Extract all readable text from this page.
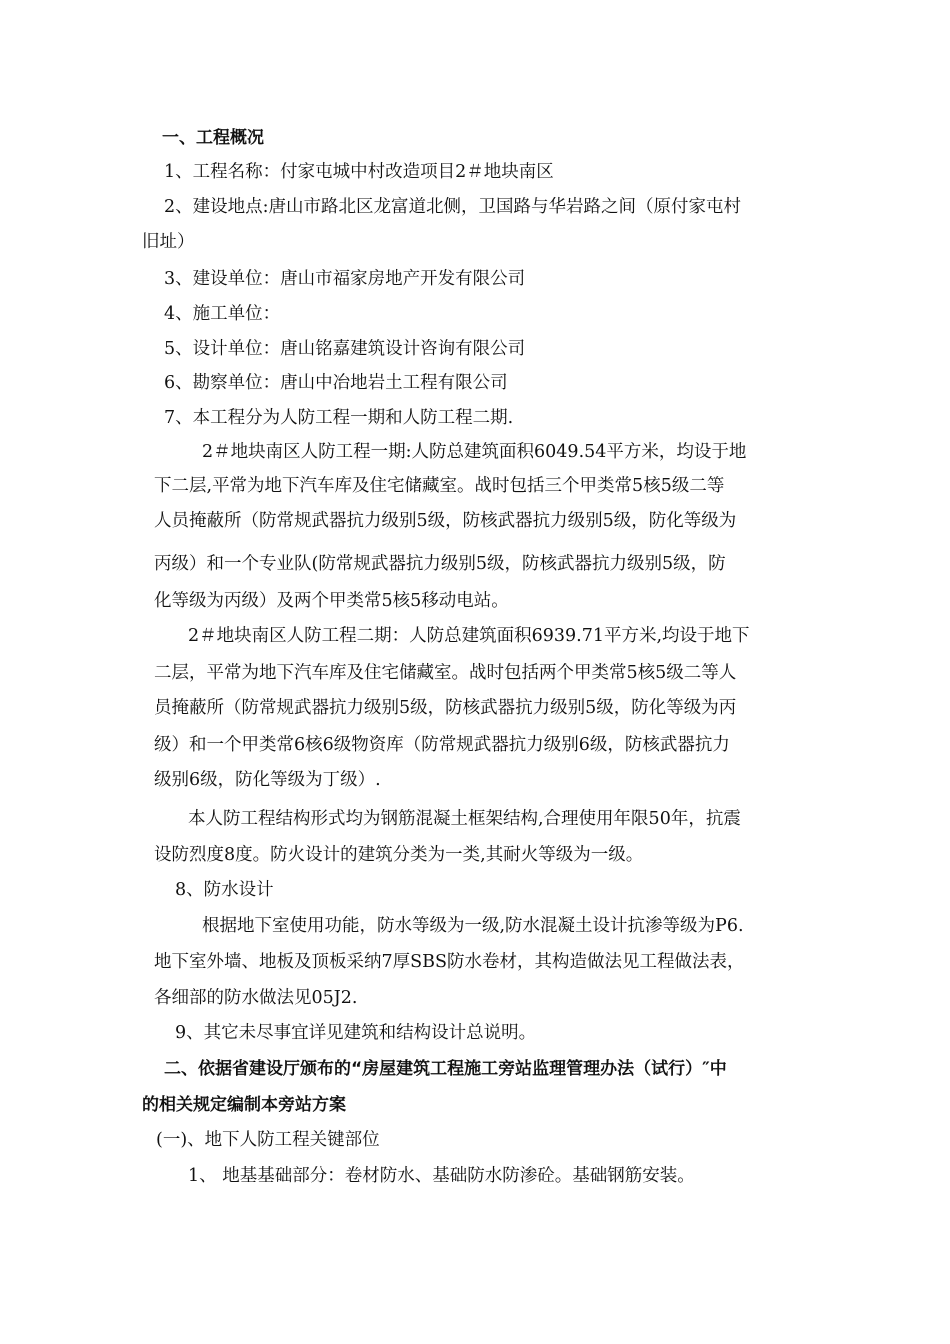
一、工程概况
1、工程名称：付家屯城中村改造项目2＃地块南区
2、建设地点:唐山市路北区龙富道北侧，卫国路与华岩路之间（原付家屯村
旧址）
3、建设单位：唐山市福家房地产开发有限公司
4、施工单位：
5、设计单位：唐山铭嘉建筑设计咨询有限公司
6、勘察单位：唐山中冶地岩土工程有限公司
7、本工程分为人防工程一期和人防工程二期.
2＃地块南区人防工程一期:人防总建筑面积6049.54平方米，均设于地
下二层,平常为地下汽车库及住宅储藏室。战时包括三个甲类常5核5级二等
人员掩蔽所（防常规武器抗力级别5级，防核武器抗力级别5级，防化等级为
丙级）和一个专业队(防常规武器抗力级别5级，防核武器抗力级别5级，防
化等级为丙级）及两个甲类常5核5移动电站。
2＃地块南区人防工程二期：人防总建筑面积6939.71平方米,均设于地下
二层，平常为地下汽车库及住宅储藏室。战时包括两个甲类常5核5级二等人
员掩蔽所（防常规武器抗力级别5级，防核武器抗力级别5级，防化等级为丙
级）和一个甲类常6核6级物资库（防常规武器抗力级别6级，防核武器抗力
级别6级，防化等级为丁级）.
本人防工程结构形式均为钢筋混凝土框架结构,合理使用年限50年，抗震
设防烈度8度。防火设计的建筑分类为一类,其耐火等级为一级。
8、防水设计
根据地下室使用功能，防水等级为一级,防水混凝土设计抗渗等级为P6.
地下室外墙、地板及顶板采纳7厚SBS防水卷材，其构造做法见工程做法表，
各细部的防水做法见05J2.
9、其它未尽事宜详见建筑和结构设计总说明。
二、依据省建设厅颁布的“房屋建筑工程施工旁站监理管理办法（试行）″中
的相关规定编制本旁站方案
(一)、地下人防工程关键部位
1、 地基基础部分：卷材防水、基础防水防渗砼。基础钢筋安装。
